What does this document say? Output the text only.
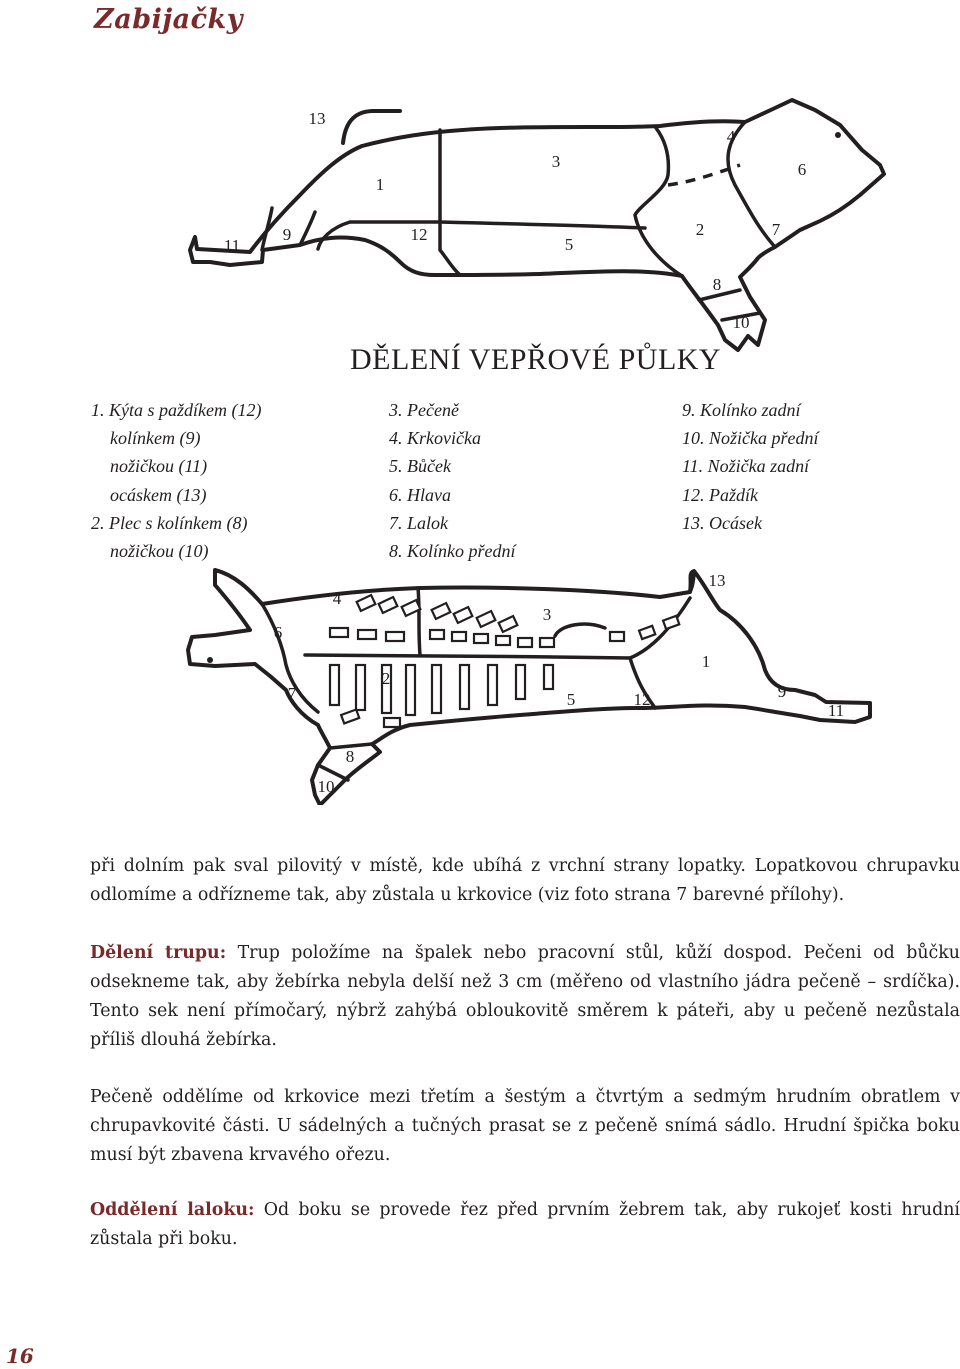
Zabijačky
13
1
3
4
6
11
9	12
5
2	7
8
10
DĚLENÍ VEPŘOVÉ PŮLKY
1. Kýta s paždíkem (12)
kolínkem (9)
nožičkou (11)
ocáskem (13)
2. Plec s kolínkem (8)
nožičkou (10)
3. Pečeně
4. Krkovička
5. Bůček
6. Hlava
7. Lalok
8. Kolínko přední
9. Kolínko zadní
10. Nožička přední
11. Nožička zadní
12. Paždík
13. Ocásek
13
4
3
6
1
2
7	9
5	12
11
8
10

při dolním pak sval pilovitý v místě, kde ubíhá z vrchní strany lopatky. Lopatkovou chrupavku odlomíme a odřízneme tak, aby zůstala u krkovice (viz foto strana 7 barevné přílohy).

Dělení trupu: Trup položíme na špalek nebo pracovní stůl, kůží dospod. Pečeni od bůčku odsekneme tak, aby žebírka nebyla delší než 3 cm (měřeno od vlastního jádra pečeně – srdíčka). Tento sek není přímočarý, nýbrž zahýbá obloukovitě směrem k páteři, aby u pečeně nezůstala příliš dlouhá žebírka.

Pečeně oddělíme od krkovice mezi třetím a šestým a čtvrtým a sedmým hrudním obratlem v chrupavkovité části. U sádelných a tučných prasat se z pečeně snímá sádlo. Hrudní špička boku musí být zbavena krvavého ořezu.

Oddělení laloku: Od boku se provede řez před prvním žebrem tak, aby rukojeť kosti hrudní zůstala při boku.

16
